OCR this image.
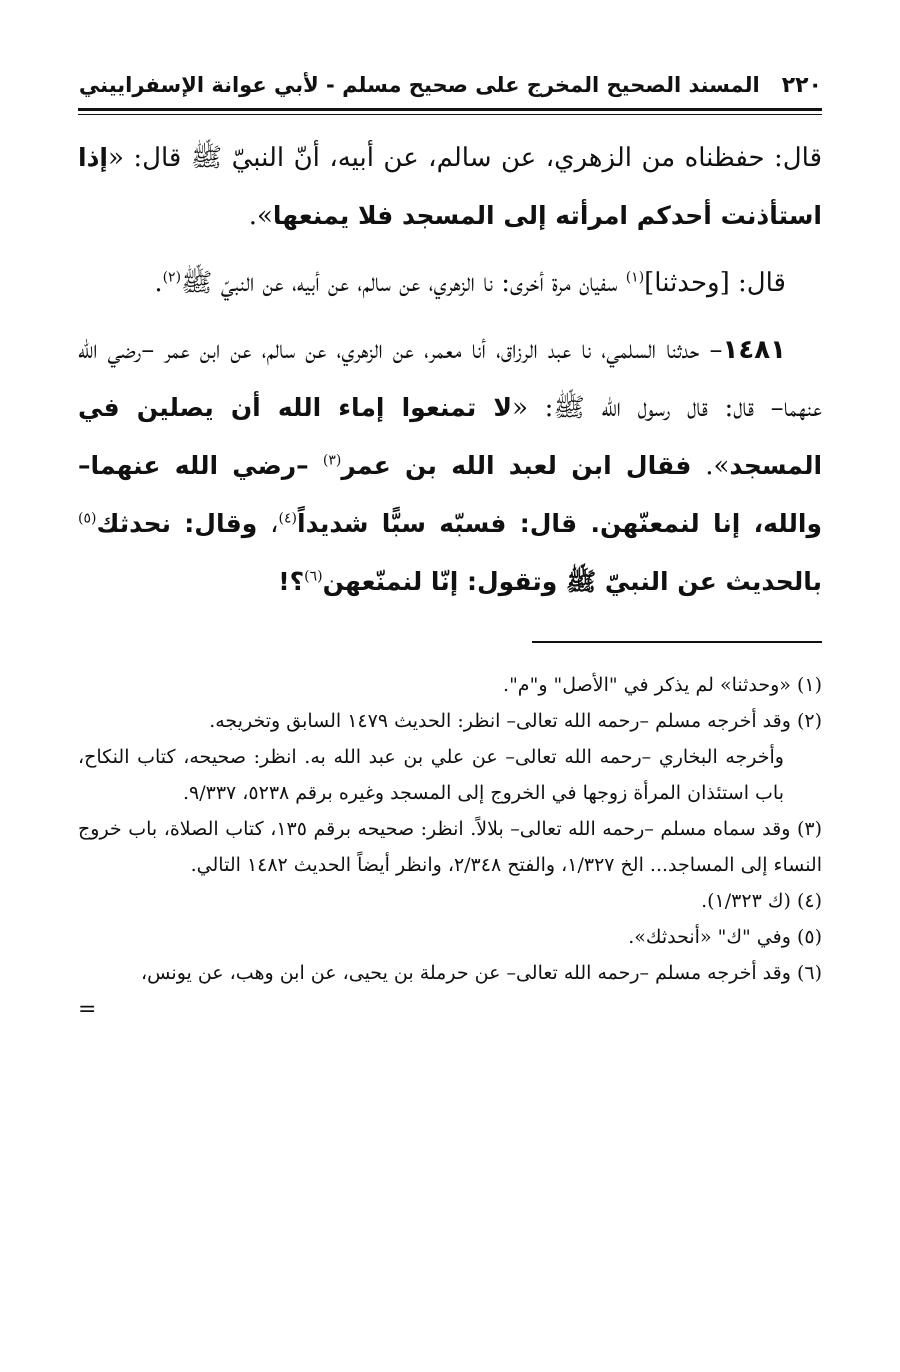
٢٢٠
المسند الصحيح المخرج على صحيح مسلم - لأبي عوانة الإسفراييني

قال: حفظناه من الزهري، عن سالم، عن أبيه، أنّ النبيّ ﷺ قال: «إذا استأذنت أحدكم امرأته إلى المسجد فلا يمنعها».

قال: [وحدثنا]$^{(١)}$ سفيان مرة أخرى: نا الزهري، عن سالم، عن أبيه، عن النبيّ ﷺ$^{(٢)}$.

١٤٨١– حدثنا السلمي، نا عبد الرزاق، أنا معمر، عن الزهري، عن سالم، عن ابن عمر –رضي الله عنهما– قال: قال رسول الله ﷺ: «لا تمنعوا إماء الله أن يصلين في المسجد». فقال ابن لعبد الله بن عمر$^{(٣)}$ –رضي الله عنهما– والله، إنا لنمعنّهن. قال: فسبّه سبًّا شديداً$^{(٤)}$، وقال: نحدثك$^{(٥)}$ بالحديث عن النبيّ ﷺ وتقول: إنّا لنمنّعهن$^{(٦)}$؟!

(١) «وحدثنا» لم يذكر في "الأصل" و"م".

(٢) وقد أخرجه مسلم –رحمه الله تعالى– انظر: الحديث ١٤٧٩ السابق وتخريجه.

وأخرجه البخاري –رحمه الله تعالى– عن علي بن عبد الله به. انظر: صحيحه، كتاب النكاح، باب استئذان المرأة زوجها في الخروج إلى المسجد وغيره برقم ٥٢٣٨، ٩/٣٣٧.

(٣) وقد سماه مسلم –رحمه الله تعالى– بلالاً. انظر: صحيحه برقم ١٣٥، كتاب الصلاة، باب خروج النساء إلى المساجد... الخ ١/٣٢٧، والفتح ٢/٣٤٨، وانظر أيضاً الحديث ١٤٨٢ التالي.

(٤) (ك ١/٣٢٣).

(٥) وفي "ك" «أنحدثك».

(٦) وقد أخرجه مسلم –رحمه الله تعالى– عن حرملة بن يحيى، عن ابن وهب، عن يونس،

=
